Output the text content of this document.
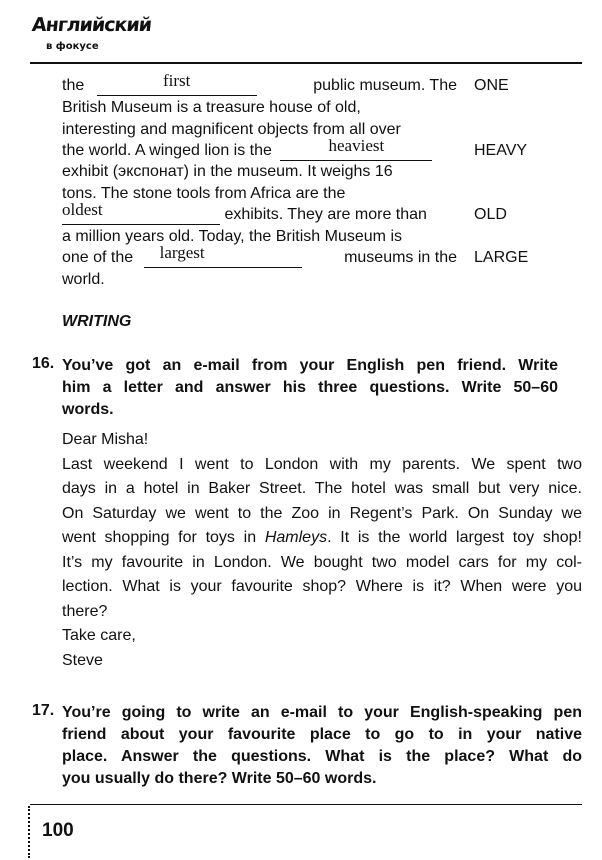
Английский
в фокусе
the	first	public museum. The ONE
British Museum is a treasure house of old,
interesting and magnificent objects from all over
the world. A winged lion is the	heaviest	HEAVY
exhibit (экспонат) in the museum. It weighs 16
tons. The stone tools from Africa are the
oldest	exhibits. They are more than	OLD
a million years old. Today, the British Museum is
one of the largest	museums in the LARGE
world.
WRITING
16. You’ve got an e-mail from your English pen friend. Write
him a letter and answer his three questions. Write 50–60
words.
Dear Misha!
Last weekend I went to London with my parents. We spent two
days in a hotel in Baker Street. The hotel was small but very nice.
On Saturday we went to the Zoo in Regent’s Park. On Sunday we
went shopping for toys in Hamleys. It is the world largest toy shop!
It’s my favourite in London. We bought two model cars for my col-
lection. What is your favourite shop? Where is it? When were you
there?
Take care,
Steve
17. You’re going to write an e-mail to your English-speaking pen
friend about your favourite place to go to in your native
place. Answer the questions. What is the place? What do
you usually do there? Write 50–60 words.
100
